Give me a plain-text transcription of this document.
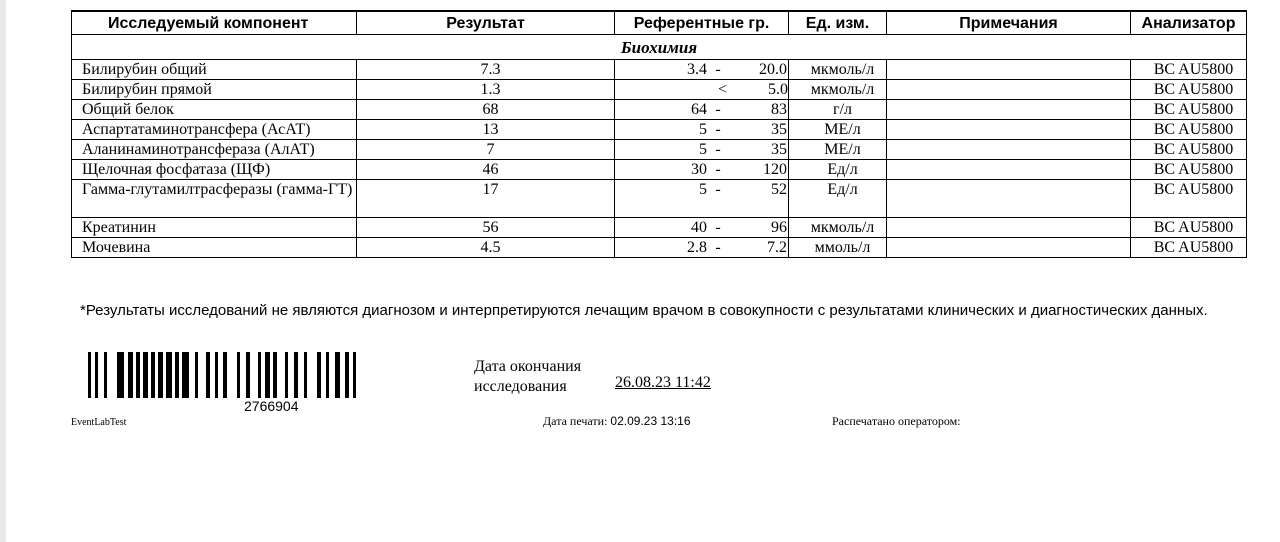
Исследуемый компонент	Результат	Референтные гр.	Ед. изм.	Примечания	Анализатор
Биохимия					
Билирубин общий	7.3	3.4 - 20.0	мкмоль/л		BC AU5800
Билирубин прямой	1.3	< 5.0	мкмоль/л		BC AU5800
Общий белок	68	64 - 83	г/л		BC AU5800
Аспартатаминотрансфера (АсАТ)	13	5 - 35	МЕ/л		BC AU5800
Аланинаминотрансфераза (АлАТ)	7	5 - 35	МЕ/л		BC AU5800
Щелочная фосфатаза (ЩФ)	46	30 - 120	Ед/л		BC AU5800
Гамма-глутамилтрасферазы (гамма-ГТ)	17	5 - 52	Ед/л		BC AU5800
Креатинин	56	40 - 96	мкмоль/л		BC AU5800
Мочевина	4.5	2.8 - 7.2	ммоль/л		BC AU5800
*Результаты исследований не являются диагнозом и интерпретируются лечащим врачом в совокупности с результатами клинических и диагностических данных.
2766904
Дата окончания исследования	26.08.23 11:42
EventLabTest	Дата печати: 02.09.23 13:16	Распечатано оператором:
